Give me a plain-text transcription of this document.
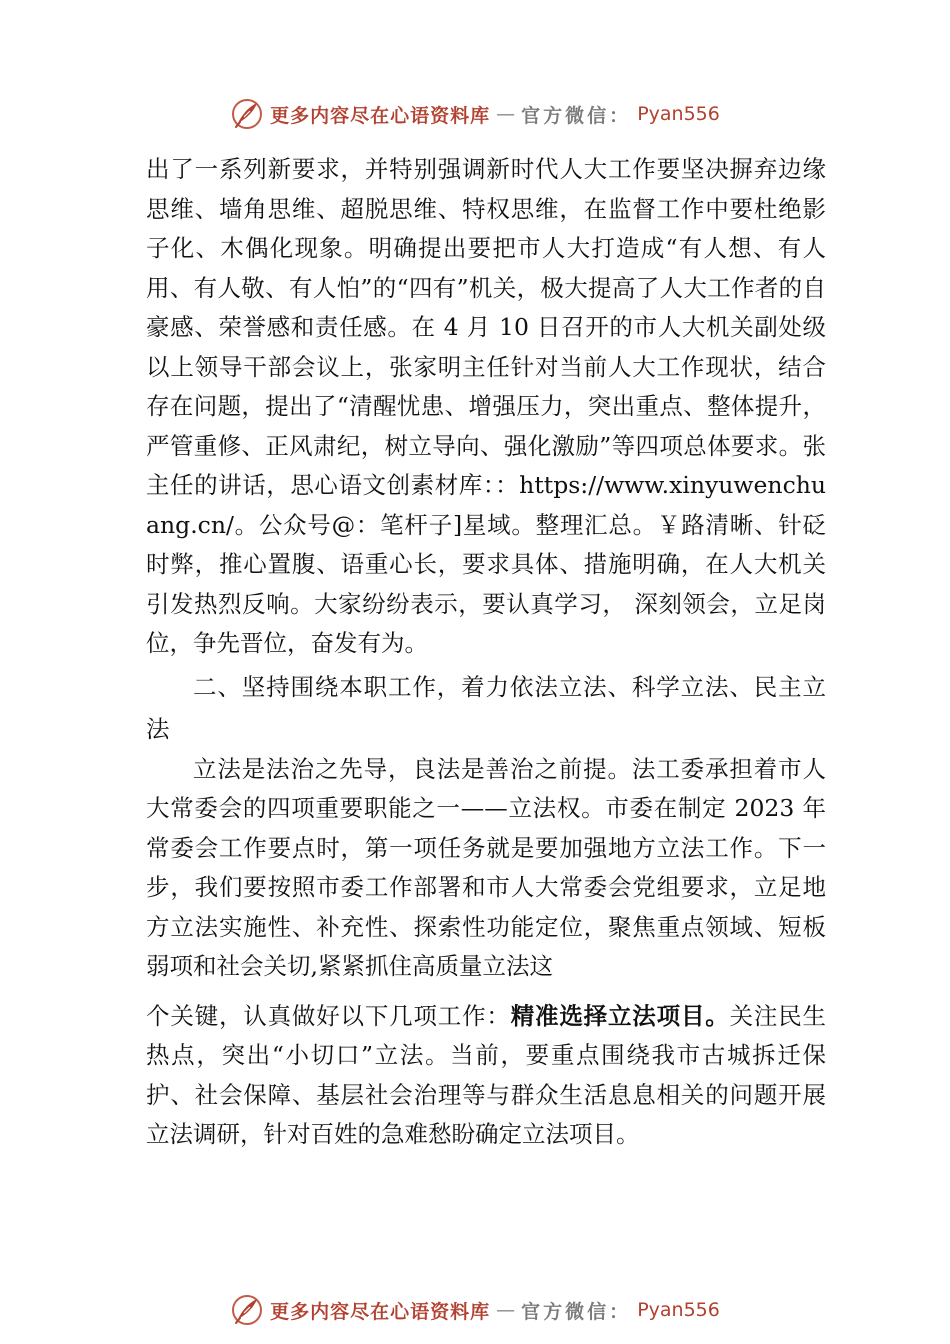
更多内容尽在心语资料库 — 官方微信： Pyan556

出了一系列新要求，并特别强调新时代人大工作要坚决摒弃边缘思维、墙角思维、超脱思维、特权思维，在监督工作中要杜绝影子化、木偶化现象。明确提出要把市人大打造成“有人想、有人用、有人敬、有人怕”的“四有”机关，极大提高了人大工作者的自豪感、荣誉感和责任感。在 4 月 10 日召开的市人大机关副处级以上领导干部会议上，张家明主任针对当前人大工作现状，结合存在问题，提出了“清醒忧患、增强压力，突出重点、整体提升，严管重修、正风肃纪，树立导向、强化激励”等四项总体要求。张主任的讲话，思心语文创素材库：：https://www.xinyuwenchuang.cn/。公众号@：笔杆子]星域。整理汇总。￥路清晰、针砭时弊，推心置腹、语重心长，要求具体、措施明确，在人大机关引发热烈反响。大家纷纷表示，要认真学习， 深刻领会，立足岗位，争先晋位，奋发有为。

二、坚持围绕本职工作，着力依法立法、科学立法、民主立法

立法是法治之先导，良法是善治之前提。法工委承担着市人大常委会的四项重要职能之一——立法权。市委在制定 2023 年常委会工作要点时，第一项任务就是要加强地方立法工作。下一步，我们要按照市委工作部署和市人大常委会党组要求，立足地方立法实施性、补充性、探索性功能定位，聚焦重点领域、短板弱项和社会关切,紧紧抓住高质量立法这
个关键，认真做好以下几项工作：精准选择立法项目。关注民生热点，突出“小切口”立法。当前，要重点围绕我市古城拆迁保护、社会保障、基层社会治理等与群众生活息息相关的问题开展立法调研，针对百姓的急难愁盼确定立法项目。

更多内容尽在心语资料库 — 官方微信： Pyan556
